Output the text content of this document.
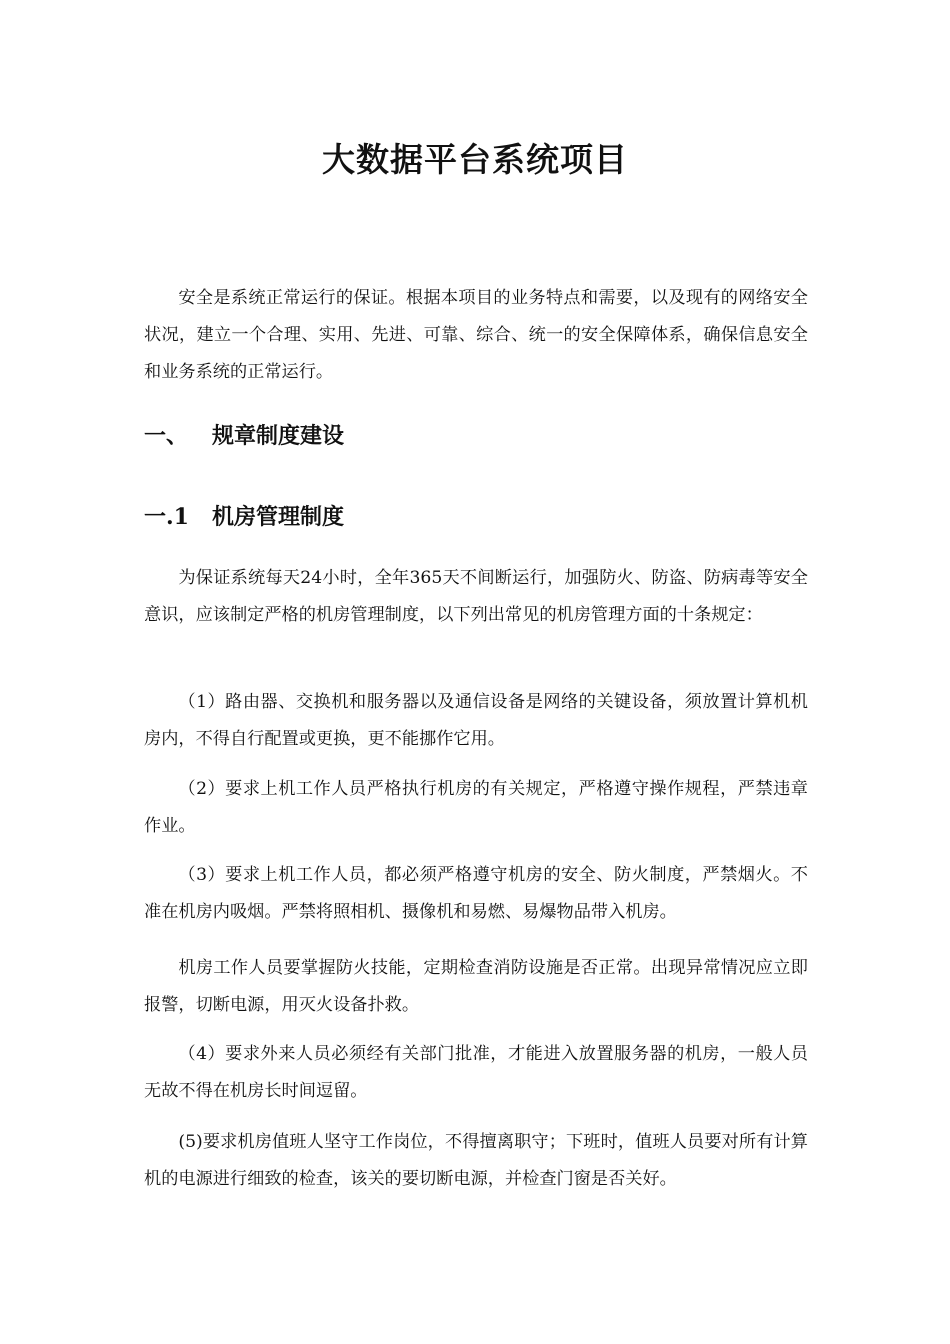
大数据平台系统项目
安全是系统正常运行的保证。根据本项目的业务特点和需要，以及现有的网络安全状况，建立一个合理、实用、先进、可靠、综合、统一的安全保障体系，确保信息安全和业务系统的正常运行。
一、 规章制度建设
一.1 机房管理制度
为保证系统每天24小时，全年365天不间断运行，加强防火、防盗、防病毒等安全意识，应该制定严格的机房管理制度，以下列出常见的机房管理方面的十条规定：
（1）路由器、交换机和服务器以及通信设备是网络的关键设备，须放置计算机机房内，不得自行配置或更换，更不能挪作它用。
（2）要求上机工作人员严格执行机房的有关规定，严格遵守操作规程，严禁违章作业。
（3）要求上机工作人员，都必须严格遵守机房的安全、防火制度，严禁烟火。不准在机房内吸烟。严禁将照相机、摄像机和易燃、易爆物品带入机房。
机房工作人员要掌握防火技能，定期检查消防设施是否正常。出现异常情况应立即报警，切断电源，用灭火设备扑救。
（4）要求外来人员必须经有关部门批准，才能进入放置服务器的机房，一般人员无故不得在机房长时间逗留。
(5)要求机房值班人坚守工作岗位，不得擅离职守；下班时，值班人员要对所有计算机的电源进行细致的检查，该关的要切断电源，并检查门窗是否关好。
